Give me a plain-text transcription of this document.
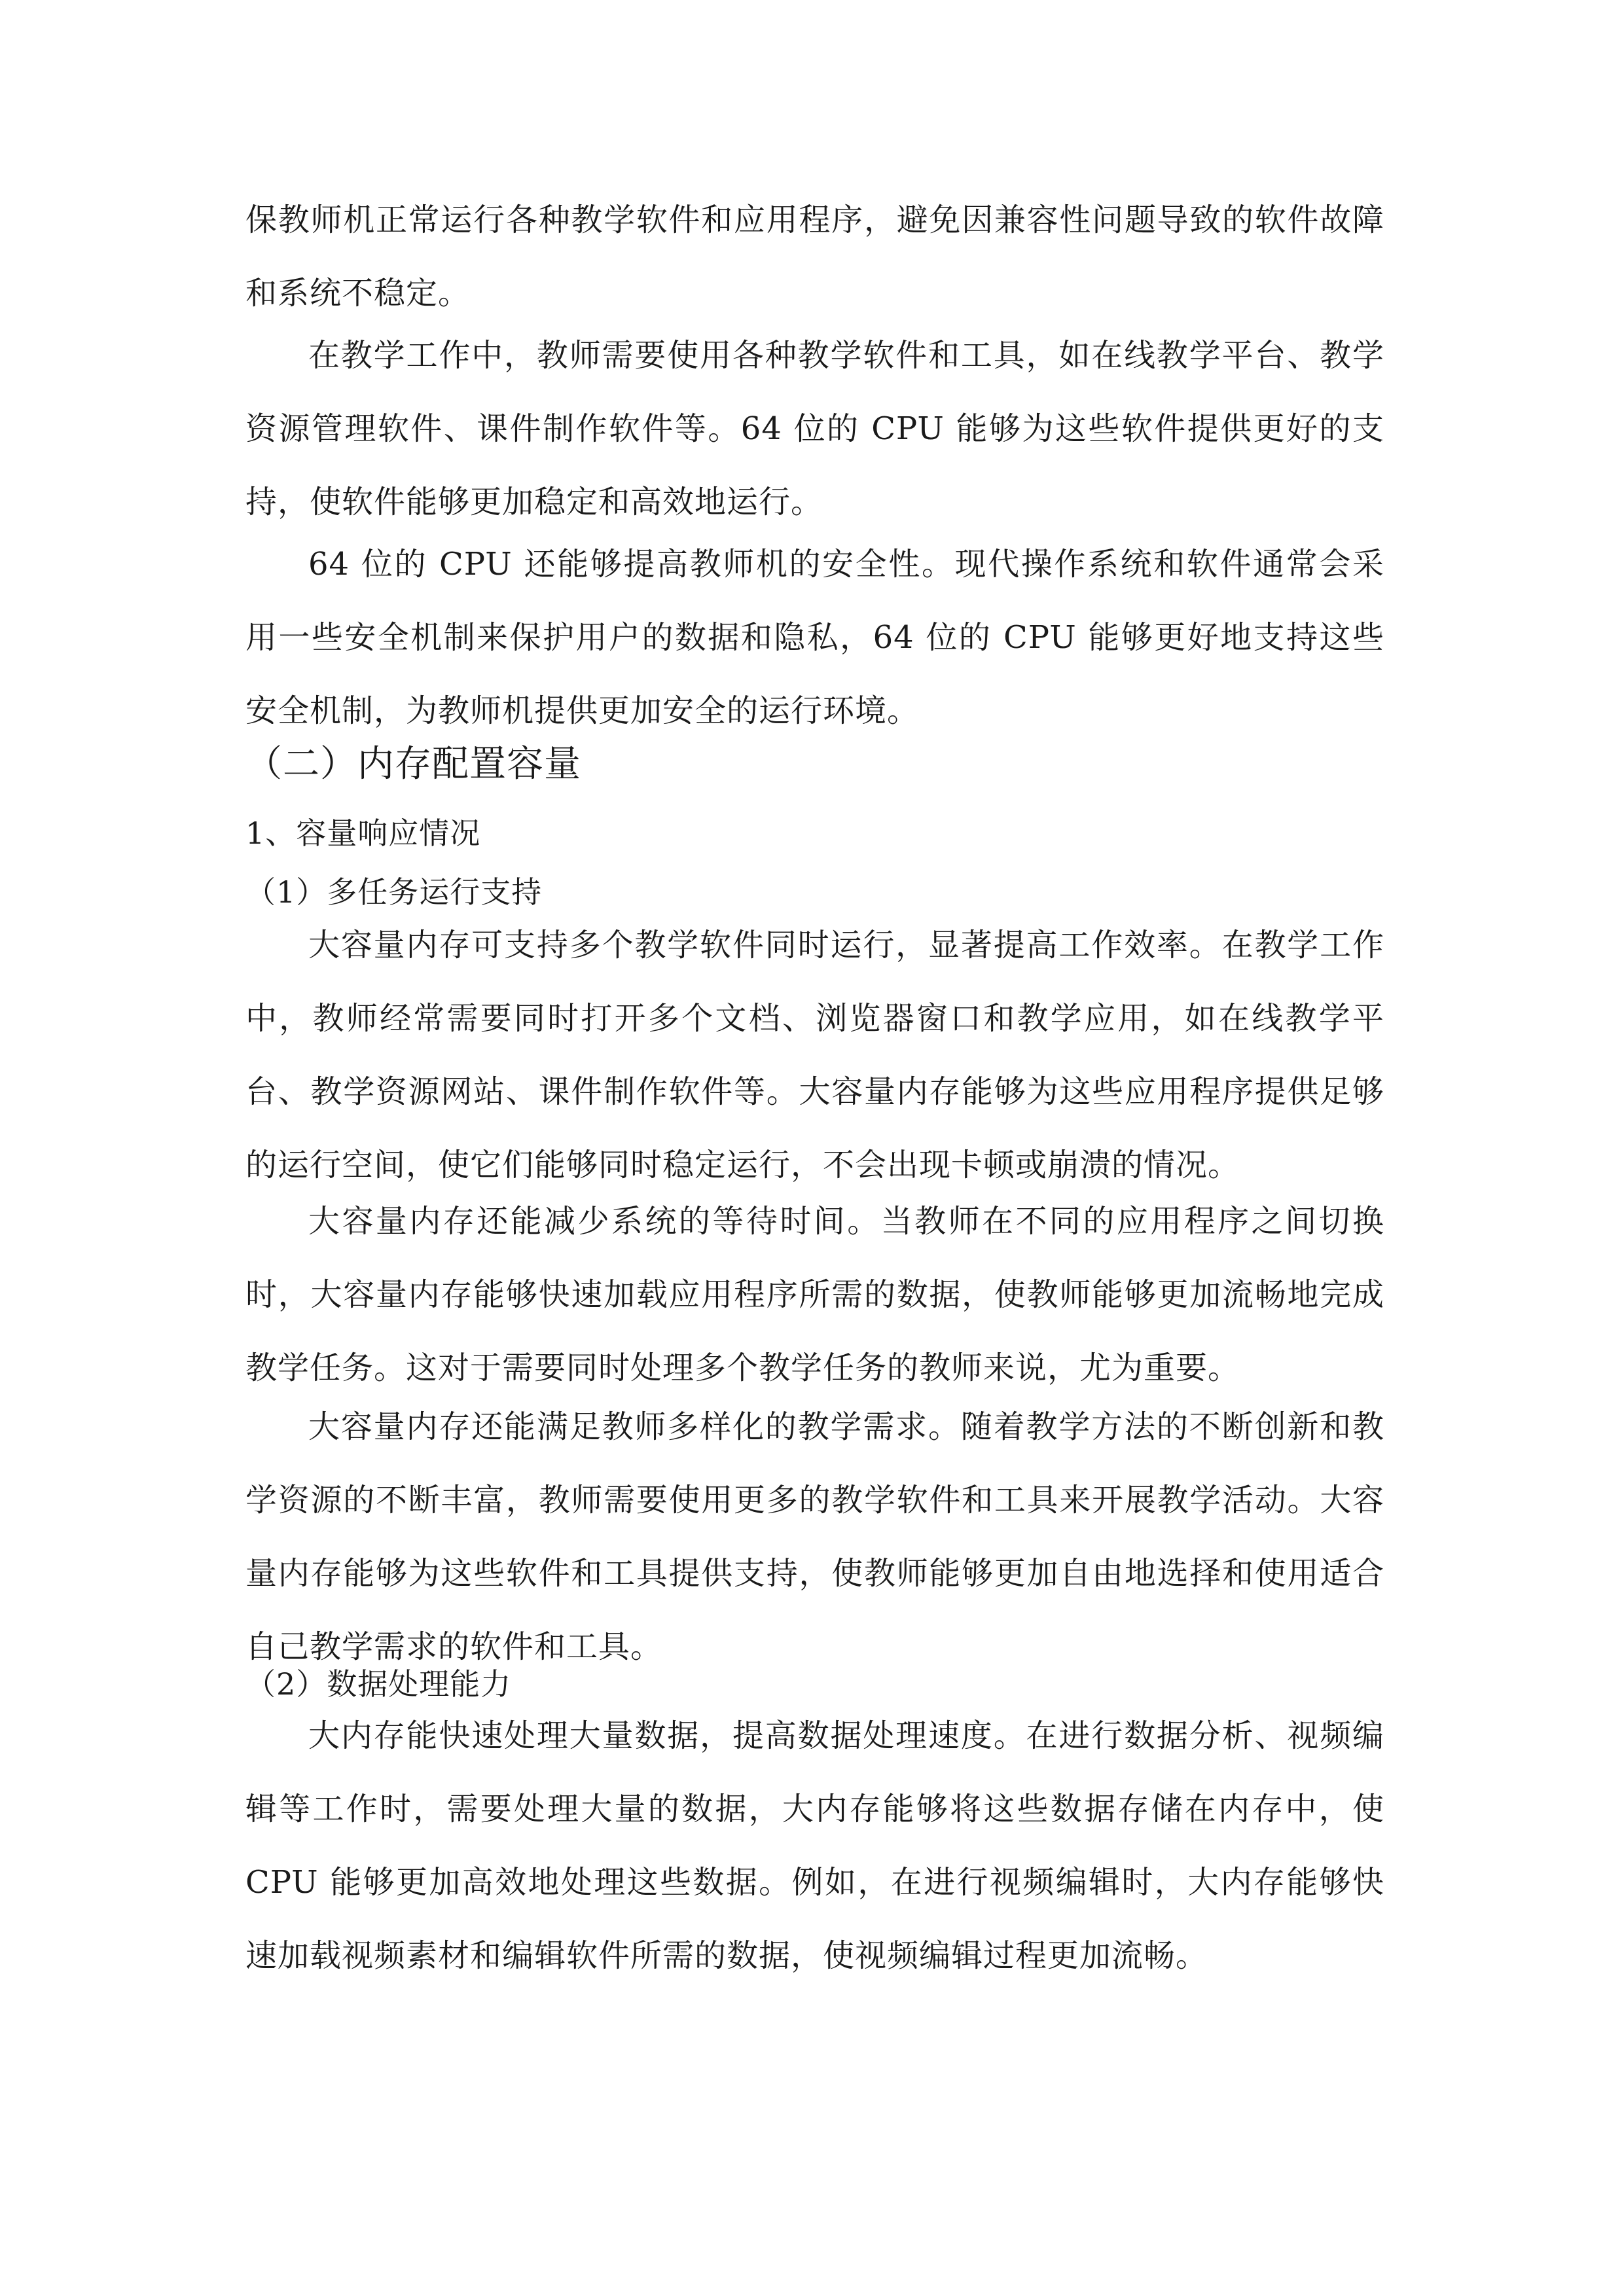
保教师机正常运行各种教学软件和应用程序，避免因兼容性问题导致的软件故障和系统不稳定。

在教学工作中，教师需要使用各种教学软件和工具，如在线教学平台、教学资源管理软件、课件制作软件等。64 位的 CPU 能够为这些软件提供更好的支持，使软件能够更加稳定和高效地运行。

64 位的 CPU 还能够提高教师机的安全性。现代操作系统和软件通常会采用一些安全机制来保护用户的数据和隐私，64 位的 CPU 能够更好地支持这些安全机制，为教师机提供更加安全的运行环境。

（二）内存配置容量
1、容量响应情况
（1）多任务运行支持

大容量内存可支持多个教学软件同时运行，显著提高工作效率。在教学工作中，教师经常需要同时打开多个文档、浏览器窗口和教学应用，如在线教学平台、教学资源网站、课件制作软件等。大容量内存能够为这些应用程序提供足够的运行空间，使它们能够同时稳定运行，不会出现卡顿或崩溃的情况。

大容量内存还能减少系统的等待时间。当教师在不同的应用程序之间切换时，大容量内存能够快速加载应用程序所需的数据，使教师能够更加流畅地完成教学任务。这对于需要同时处理多个教学任务的教师来说，尤为重要。

大容量内存还能满足教师多样化的教学需求。随着教学方法的不断创新和教学资源的不断丰富，教师需要使用更多的教学软件和工具来开展教学活动。大容量内存能够为这些软件和工具提供支持，使教师能够更加自由地选择和使用适合自己教学需求的软件和工具。

（2）数据处理能力

大内存能快速处理大量数据，提高数据处理速度。在进行数据分析、视频编辑等工作时，需要处理大量的数据，大内存能够将这些数据存储在内存中，使 CPU 能够更加高效地处理这些数据。例如，在进行视频编辑时，大内存能够快速加载视频素材和编辑软件所需的数据，使视频编辑过程更加流畅。
